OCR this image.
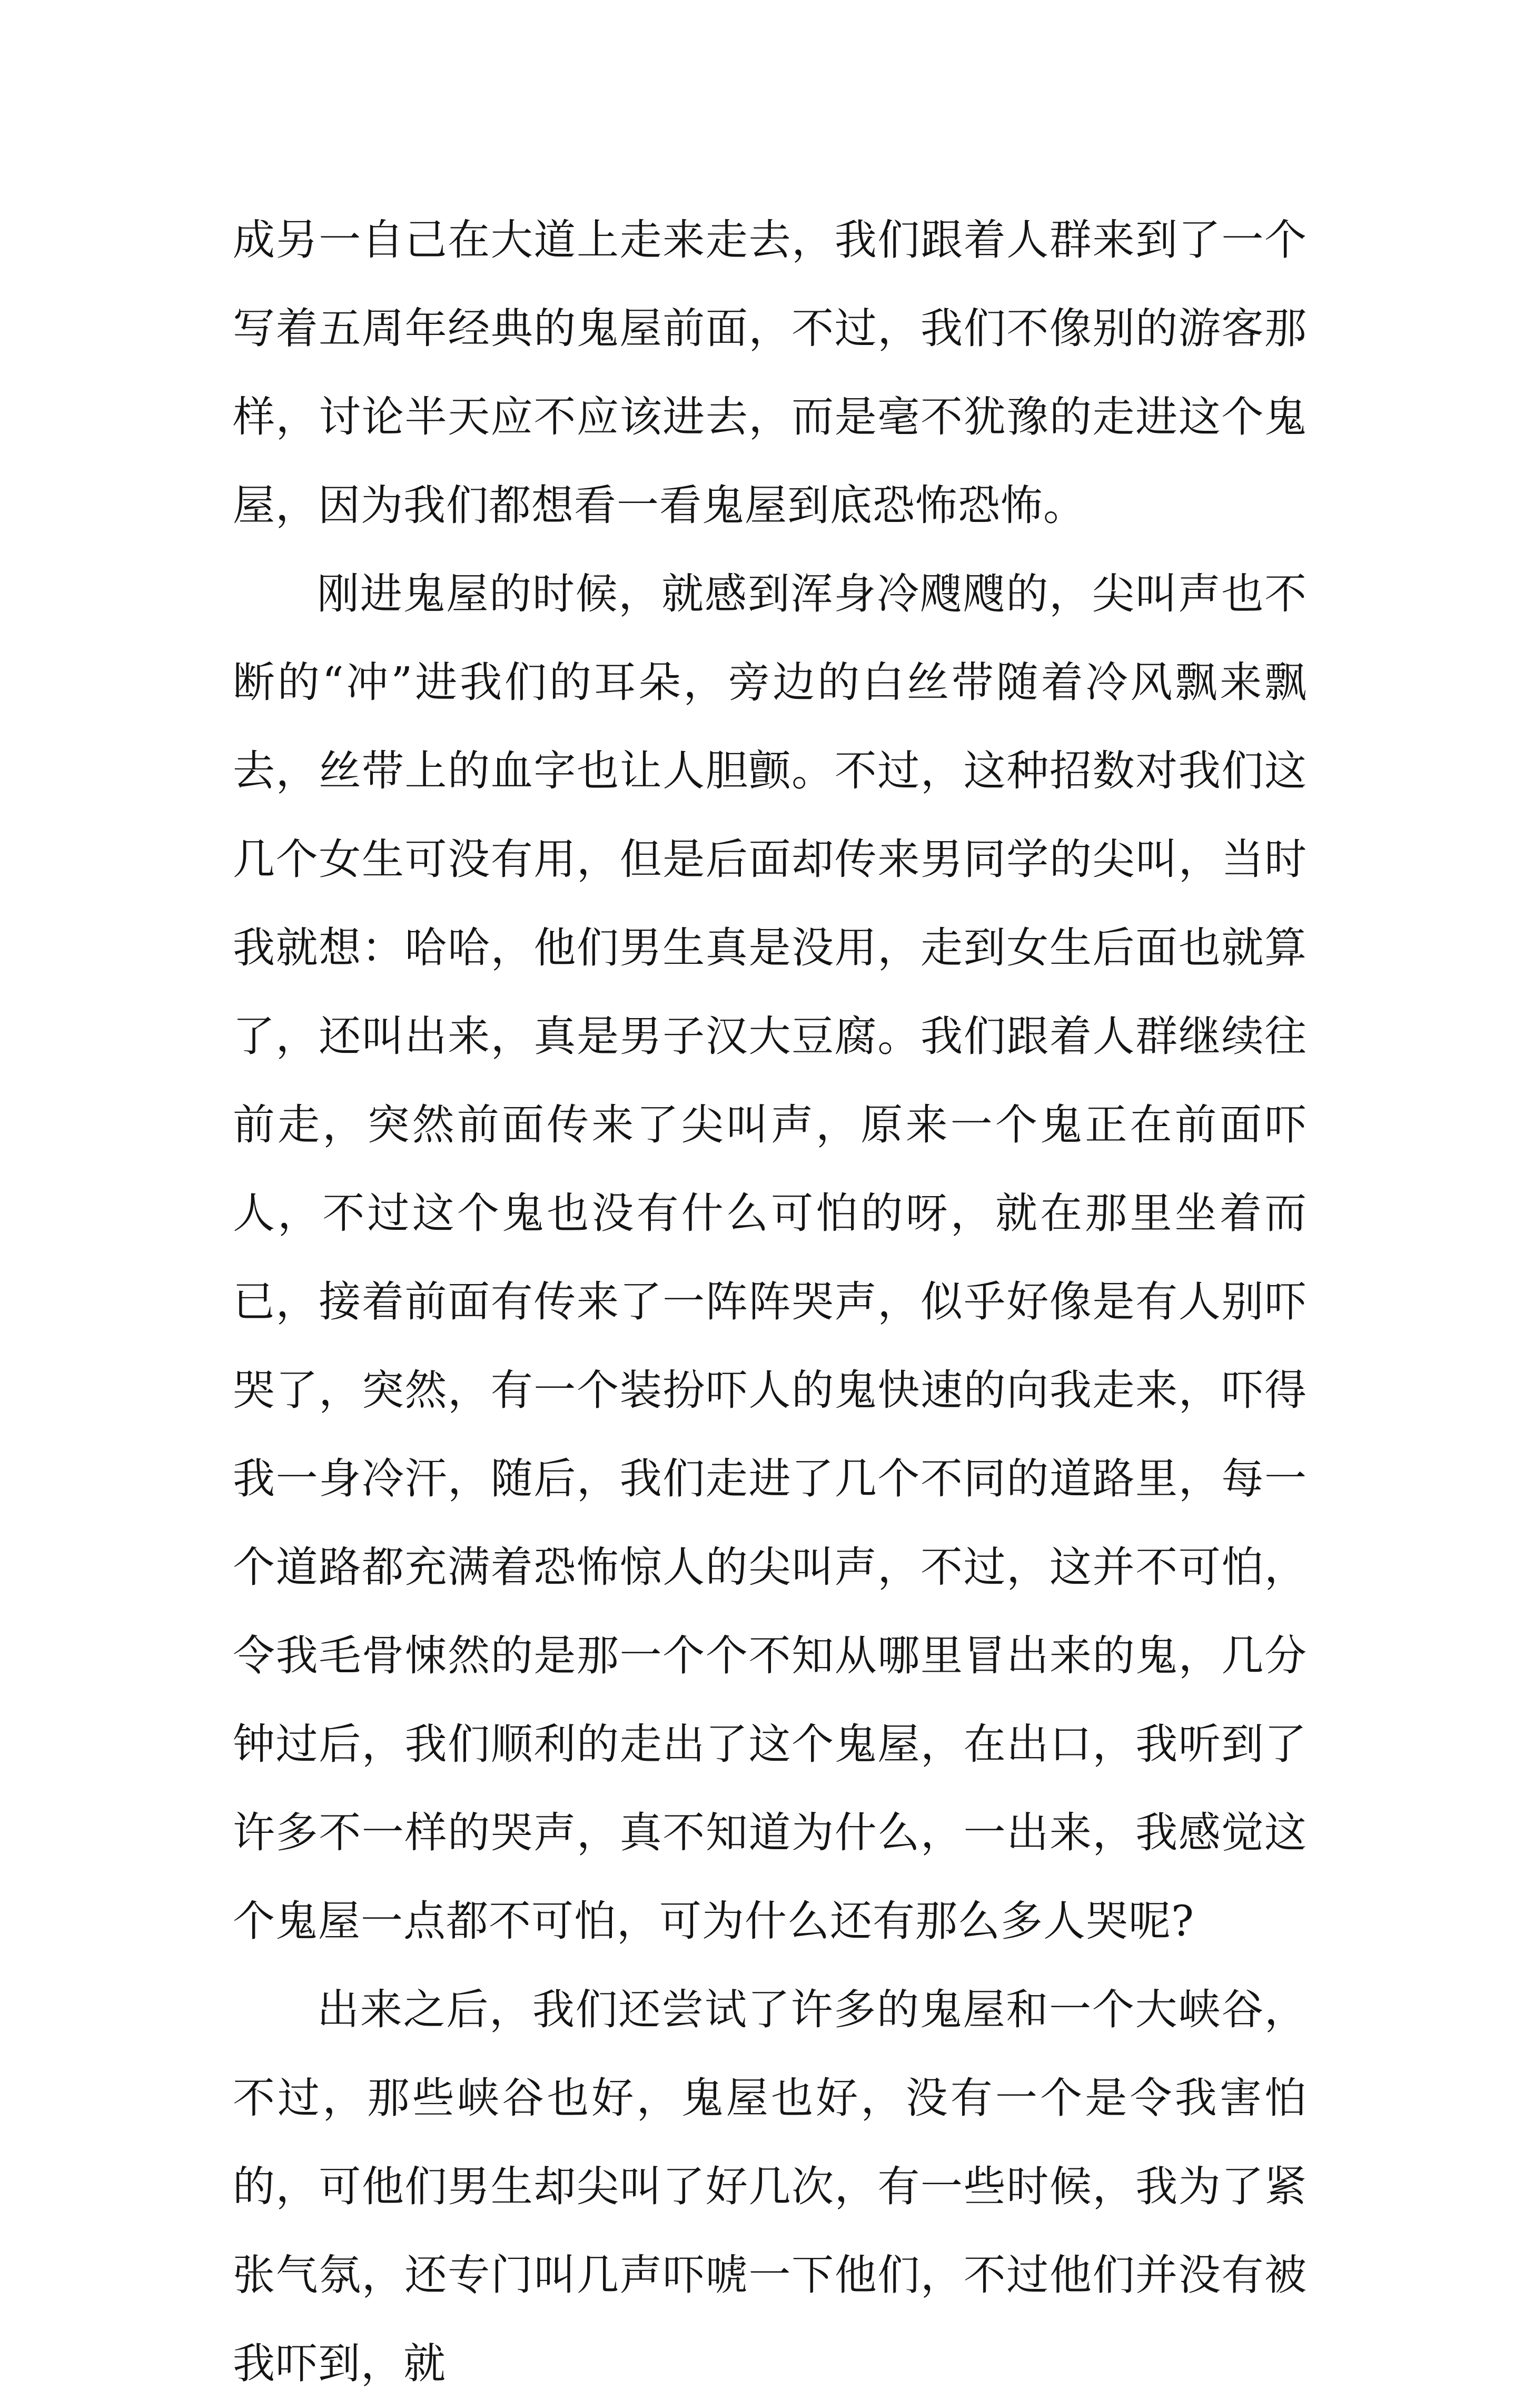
成另一自己在大道上走来走去，我们跟着人群来到了一个写着五周年经典的鬼屋前面，不过，我们不像别的游客那样，讨论半天应不应该进去，而是毫不犹豫的走进这个鬼屋，因为我们都想看一看鬼屋到底恐怖恐怖。

刚进鬼屋的时候，就感到浑身冷飕飕的，尖叫声也不断的“冲”进我们的耳朵，旁边的白丝带随着冷风飘来飘去，丝带上的血字也让人胆颤。不过，这种招数对我们这几个女生可没有用，但是后面却传来男同学的尖叫，当时我就想：哈哈，他们男生真是没用，走到女生后面也就算了，还叫出来，真是男子汉大豆腐。我们跟着人群继续往前走，突然前面传来了尖叫声，原来一个鬼正在前面吓人，不过这个鬼也没有什么可怕的呀，就在那里坐着而已，接着前面有传来了一阵阵哭声，似乎好像是有人别吓哭了，突然，有一个装扮吓人的鬼快速的向我走来，吓得我一身冷汗，随后，我们走进了几个不同的道路里，每一个道路都充满着恐怖惊人的尖叫声，不过，这并不可怕，令我毛骨悚然的是那一个个不知从哪里冒出来的鬼，几分钟过后，我们顺利的走出了这个鬼屋，在出口，我听到了许多不一样的哭声，真不知道为什么，一出来，我感觉这个鬼屋一点都不可怕，可为什么还有那么多人哭呢?

出来之后，我们还尝试了许多的鬼屋和一个大峡谷，不过，那些峡谷也好，鬼屋也好，没有一个是令我害怕的，可他们男生却尖叫了好几次，有一些时候，我为了紧张气氛，还专门叫几声吓唬一下他们，不过他们并没有被我吓到，就
